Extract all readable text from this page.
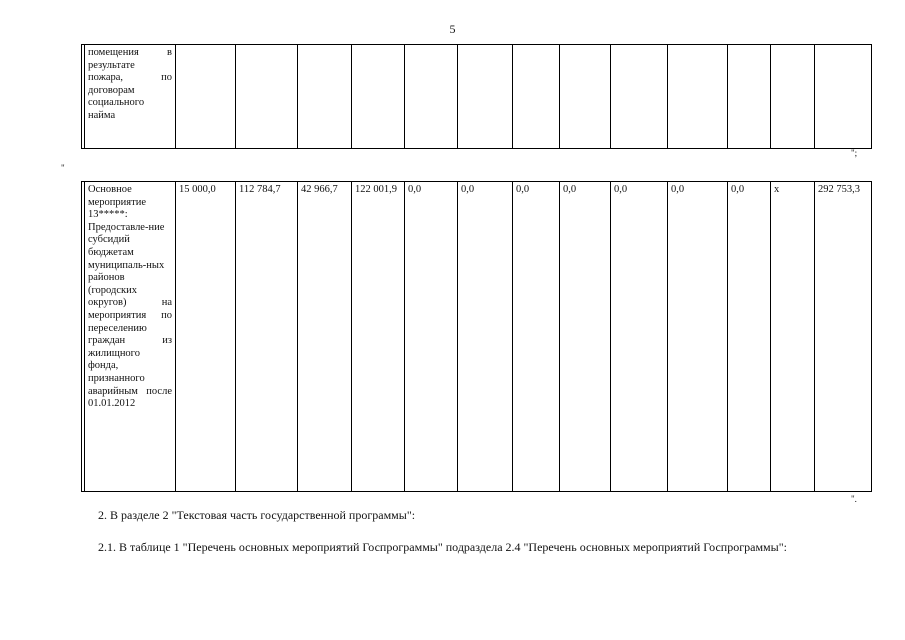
5
	помещения в результате пожара, по договорам социального найма													
";
"
	Основное мероприятие 13*****: Предоставле-ние субсидий бюджетам муниципаль-ных районов (городских округов) на мероприятия по переселению граждан из жилищного фонда, признанного аварийным после 01.01.2012	15 000,0	112 784,7	42 966,7	122 001,9	0,0	0,0	0,0	0,0	0,0	0,0	0,0	х	292 753,3
".
2. В разделе 2 "Текстовая часть государственной программы":
2.1. В таблице 1 "Перечень основных мероприятий Госпрограммы" подраздела 2.4 "Перечень основных мероприятий Госпрограммы":
